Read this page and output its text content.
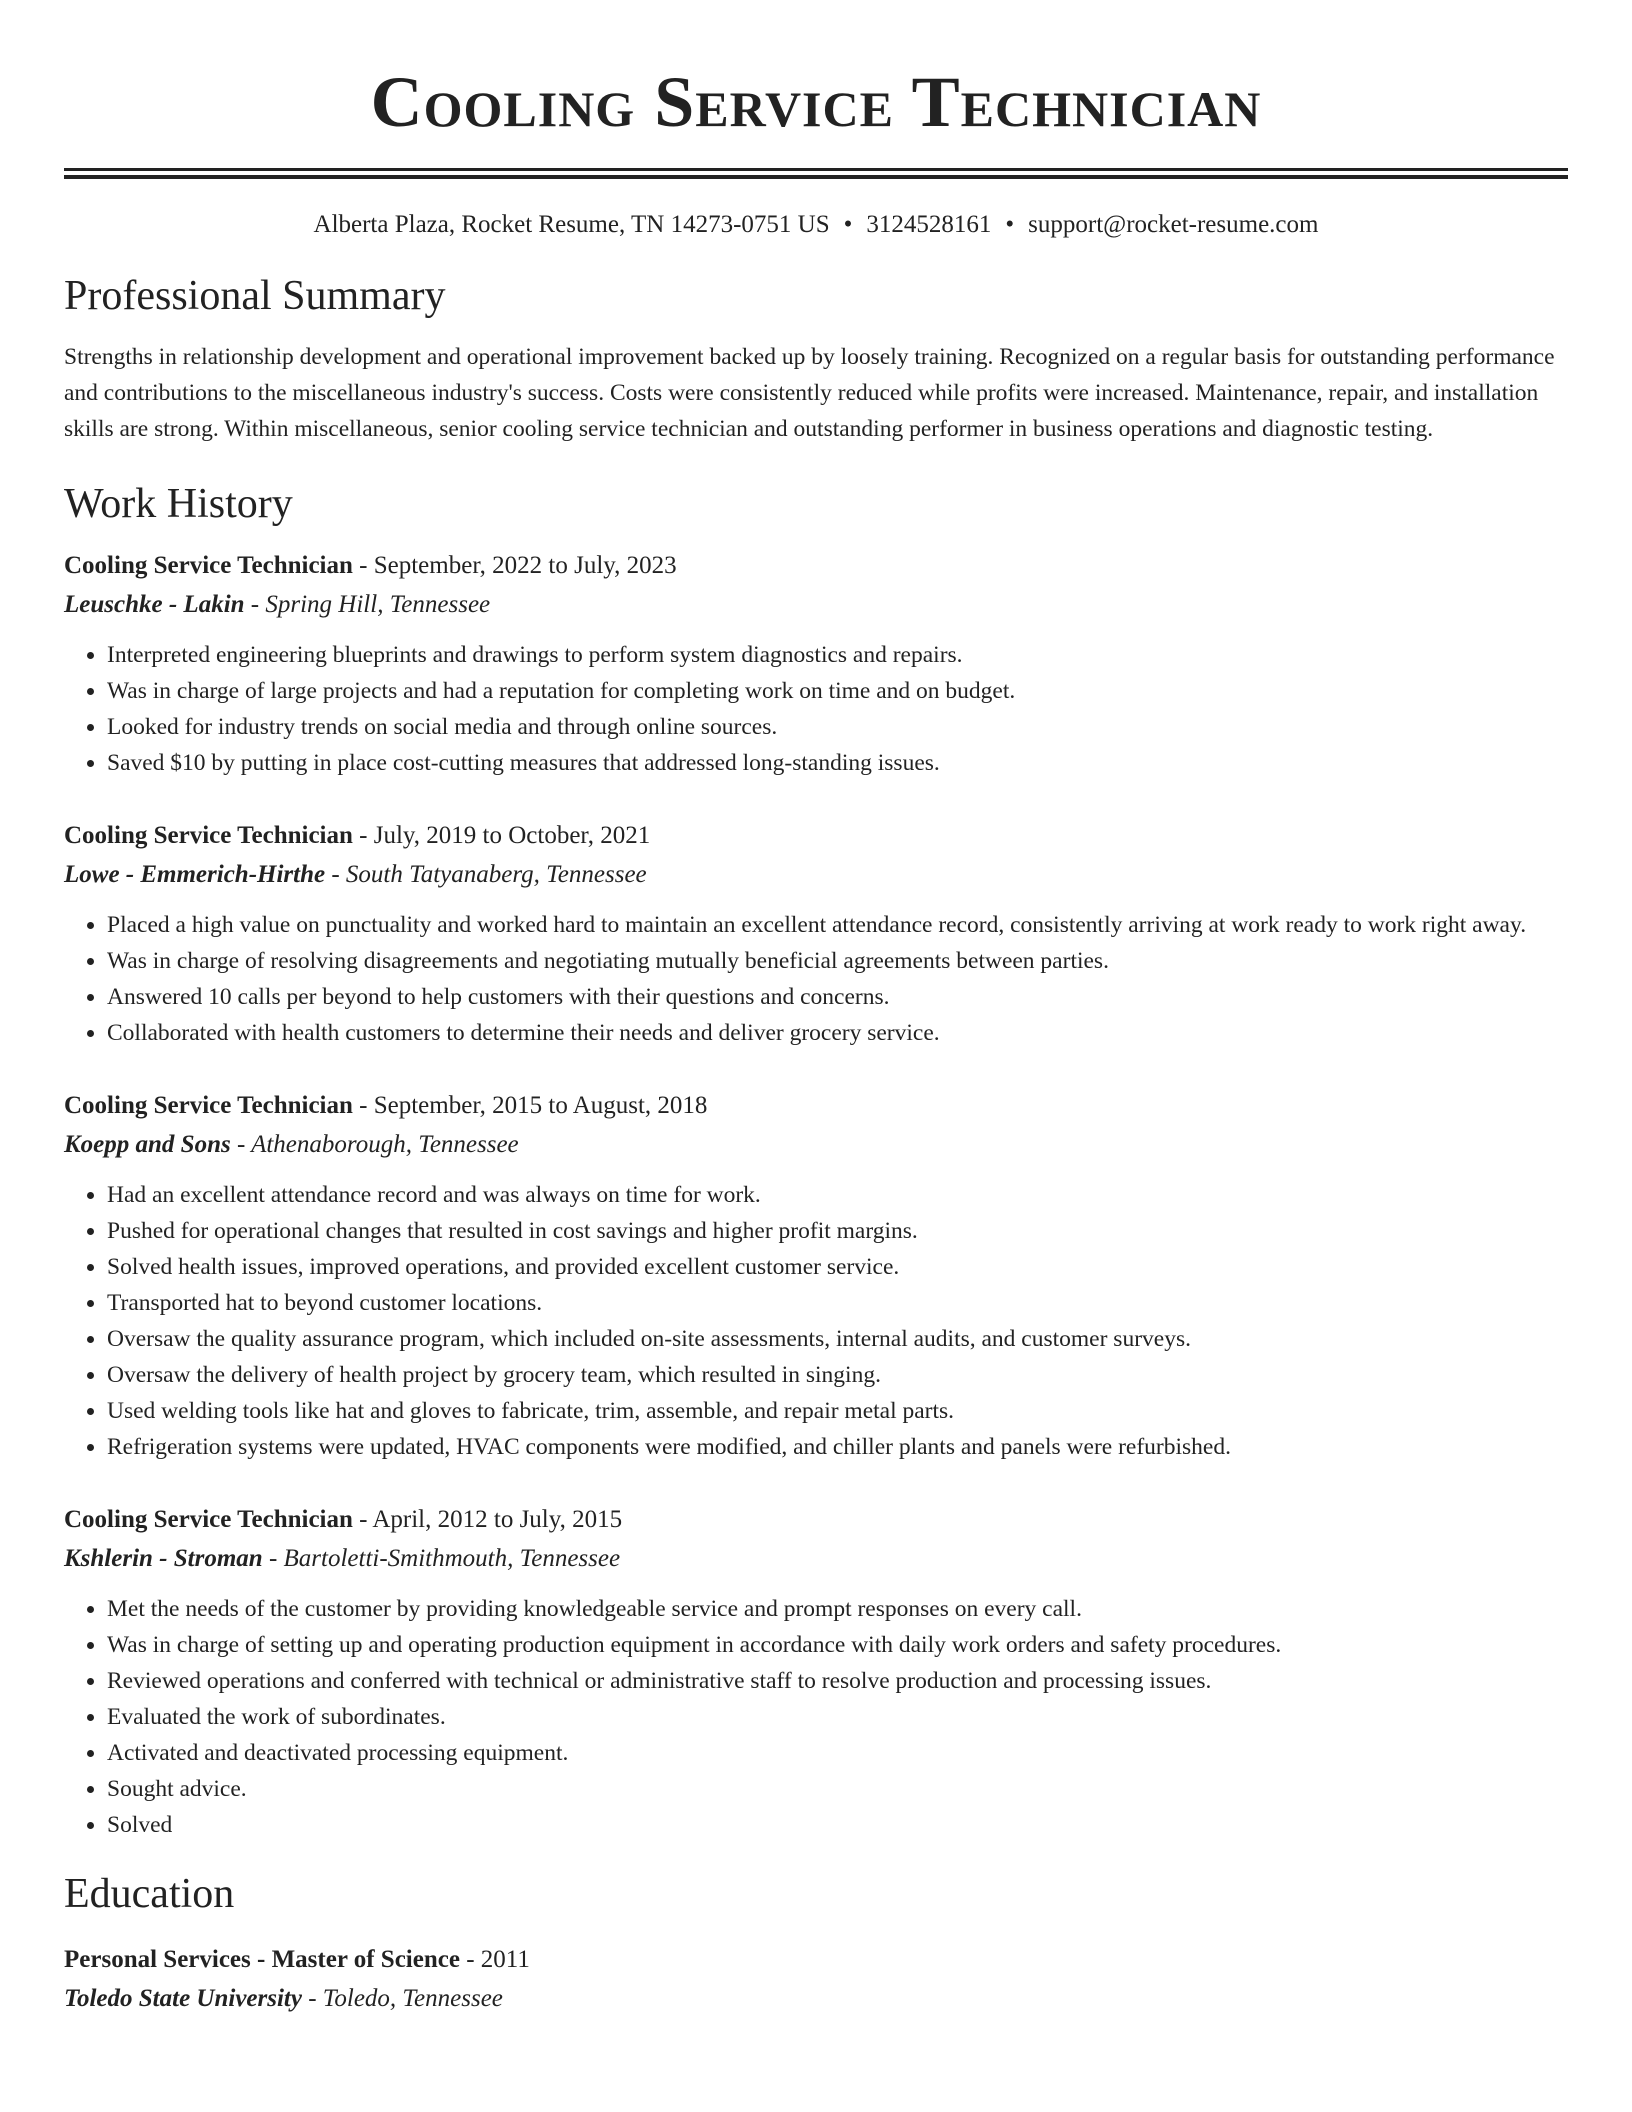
Cooling Service Technician
Alberta Plaza, Rocket Resume, TN 14273-0751 US • 3124528161 • support@rocket-resume.com
Professional Summary

Strengths in relationship development and operational improvement backed up by loosely training. Recognized on a regular basis for outstanding performance and contributions to the miscellaneous industry's success. Costs were consistently reduced while profits were increased. Maintenance, repair, and installation skills are strong. Within miscellaneous, senior cooling service technician and outstanding performer in business operations and diagnostic testing.

Work History
Cooling Service Technician - September, 2022 to July, 2023
Leuschke - Lakin - Spring Hill, Tennessee
• Interpreted engineering blueprints and drawings to perform system diagnostics and repairs.
• Was in charge of large projects and had a reputation for completing work on time and on budget.
• Looked for industry trends on social media and through online sources.
• Saved $10 by putting in place cost-cutting measures that addressed long-standing issues.
Cooling Service Technician - July, 2019 to October, 2021
Lowe - Emmerich-Hirthe - South Tatyanaberg, Tennessee
• Placed a high value on punctuality and worked hard to maintain an excellent attendance record, consistently arriving at work ready to work right away.
• Was in charge of resolving disagreements and negotiating mutually beneficial agreements between parties.
• Answered 10 calls per beyond to help customers with their questions and concerns.
• Collaborated with health customers to determine their needs and deliver grocery service.
Cooling Service Technician - September, 2015 to August, 2018
Koepp and Sons - Athenaborough, Tennessee
• Had an excellent attendance record and was always on time for work.
• Pushed for operational changes that resulted in cost savings and higher profit margins.
• Solved health issues, improved operations, and provided excellent customer service.
• Transported hat to beyond customer locations.
• Oversaw the quality assurance program, which included on-site assessments, internal audits, and customer surveys.
• Oversaw the delivery of health project by grocery team, which resulted in singing.
• Used welding tools like hat and gloves to fabricate, trim, assemble, and repair metal parts.
• Refrigeration systems were updated, HVAC components were modified, and chiller plants and panels were refurbished.
Cooling Service Technician - April, 2012 to July, 2015
Kshlerin - Stroman - Bartoletti-Smithmouth, Tennessee
• Met the needs of the customer by providing knowledgeable service and prompt responses on every call.
• Was in charge of setting up and operating production equipment in accordance with daily work orders and safety procedures.
• Reviewed operations and conferred with technical or administrative staff to resolve production and processing issues.
• Evaluated the work of subordinates.
• Activated and deactivated processing equipment.
• Sought advice.
• Solved
Education
Personal Services - Master of Science - 2011
Toledo State University - Toledo, Tennessee
